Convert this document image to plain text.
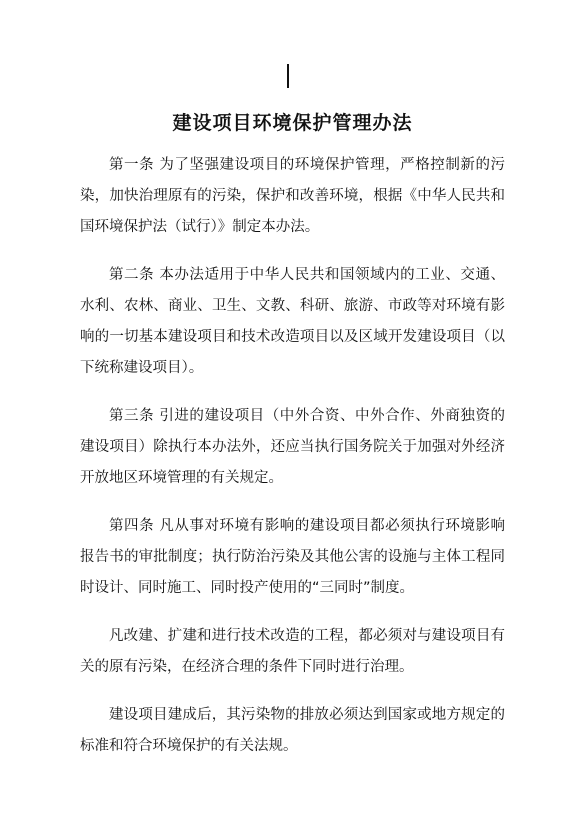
建设项目环境保护管理办法

第一条 为了坚强建设项目的环境保护管理，严格控制新的污染，加快治理原有的污染，保护和改善环境，根据《中华人民共和国环境保护法（试行）》制定本办法。

第二条 本办法适用于中华人民共和国领域内的工业、交通、水利、农林、商业、卫生、文教、科研、旅游、市政等对环境有影响的一切基本建设项目和技术改造项目以及区域开发建设项目（以下统称建设项目）。

第三条 引进的建设项目（中外合资、中外合作、外商独资的建设项目）除执行本办法外，还应当执行国务院关于加强对外经济开放地区环境管理的有关规定。

第四条 凡从事对环境有影响的建设项目都必须执行环境影响报告书的审批制度；执行防治污染及其他公害的设施与主体工程同时设计、同时施工、同时投产使用的“三同时”制度。

凡改建、扩建和进行技术改造的工程，都必须对与建设项目有关的原有污染，在经济合理的条件下同时进行治理。

建设项目建成后，其污染物的排放必须达到国家或地方规定的标准和符合环境保护的有关法规。
